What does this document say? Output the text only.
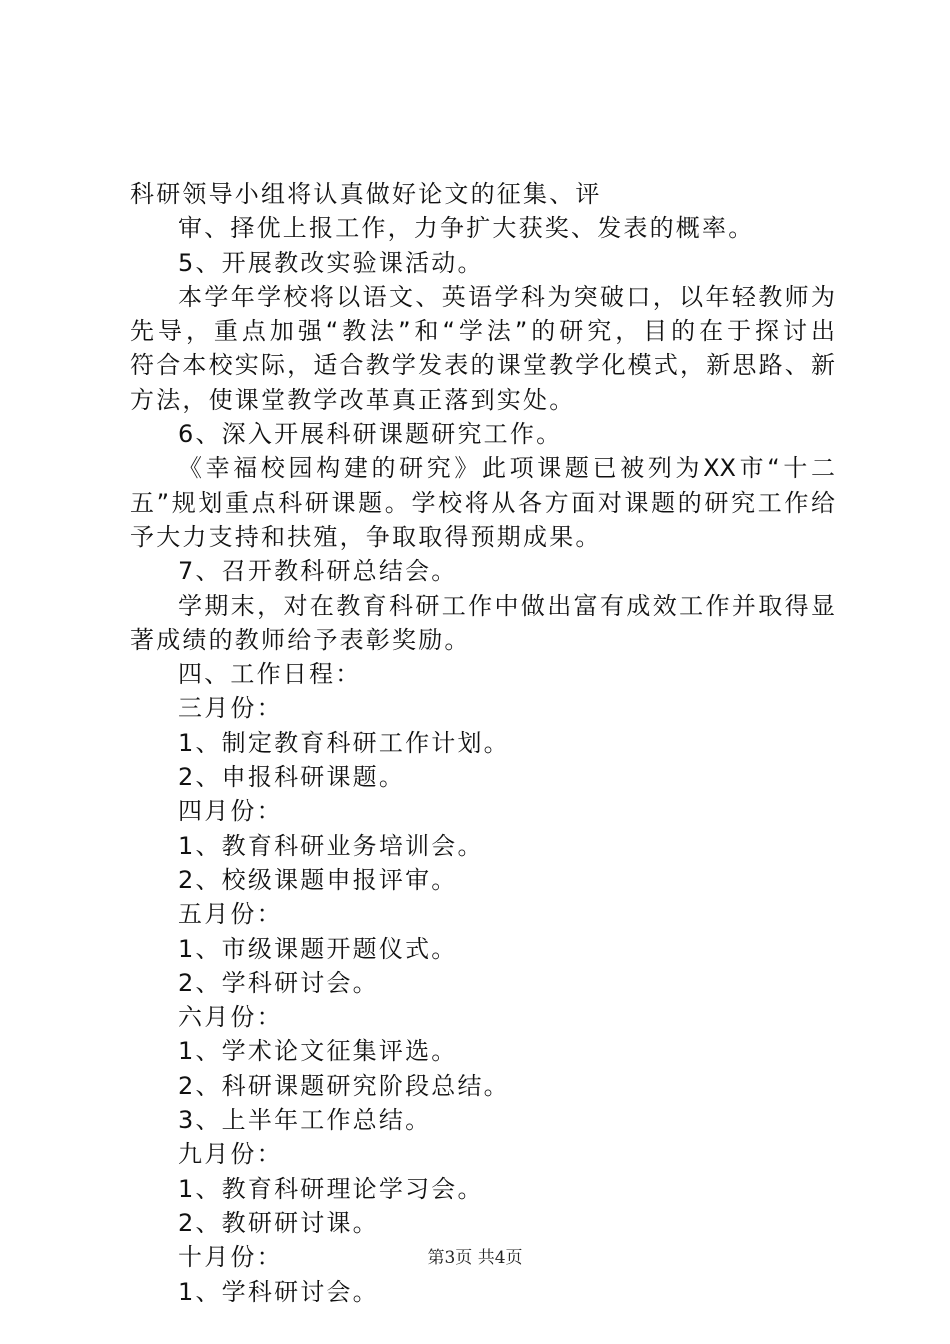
科研领导小组将认真做好论文的征集、评
审、择优上报工作，力争扩大获奖、发表的概率。
5、开展教改实验课活动。
本学年学校将以语文、英语学科为突破口，以年轻教师为
先导，重点加强“教法”和“学法”的研究，目的在于探讨出
符合本校实际，适合教学发表的课堂教学化模式，新思路、新
方法，使课堂教学改革真正落到实处。
6、深入开展科研课题研究工作。
《幸福校园构建的研究》此项课题已被列为XX市“十二
五”规划重点科研课题。学校将从各方面对课题的研究工作给
予大力支持和扶殖，争取取得预期成果。
7、召开教科研总结会。
学期末，对在教育科研工作中做出富有成效工作并取得显
著成绩的教师给予表彰奖励。
四、工作日程：
三月份：
1、制定教育科研工作计划。
2、申报科研课题。
四月份：
1、教育科研业务培训会。
2、校级课题申报评审。
五月份：
1、市级课题开题仪式。
2、学科研讨会。
六月份：
1、学术论文征集评选。
2、科研课题研究阶段总结。
3、上半年工作总结。
九月份：
1、教育科研理论学习会。
2、教研研讨课。
十月份：
1、学科研讨会。
第3页 共4页
